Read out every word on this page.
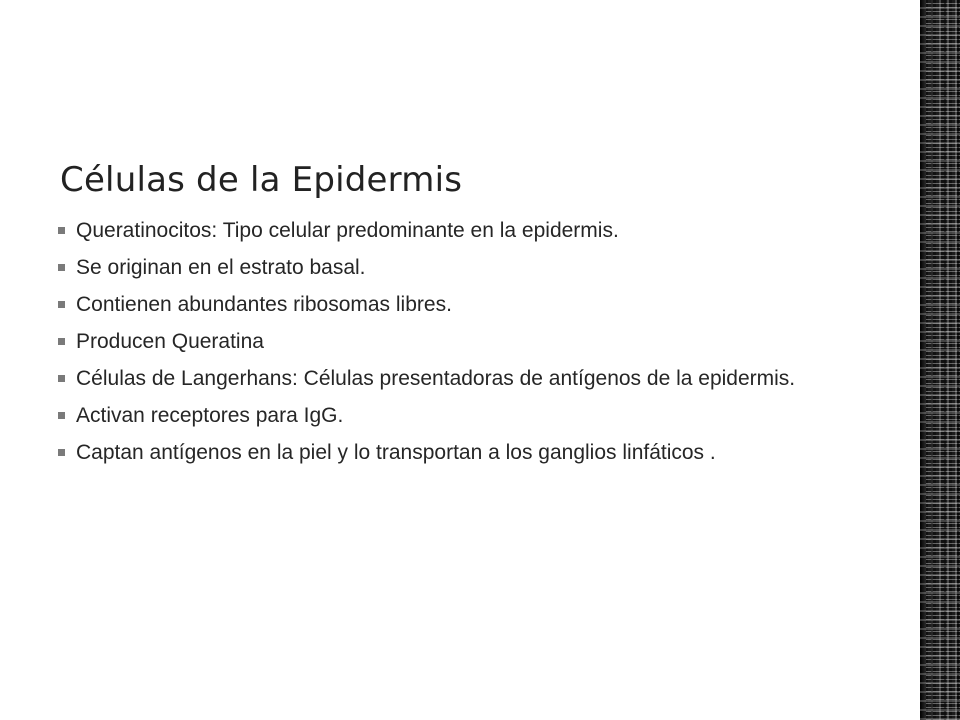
Células de la Epidermis
Queratinocitos: Tipo celular predominante en la epidermis.
Se originan en el estrato basal.
Contienen abundantes ribosomas libres.
Producen Queratina
Células de Langerhans: Células presentadoras de antígenos de la epidermis.
Activan receptores para IgG.
Captan antígenos en la piel y lo transportan a los ganglios linfáticos .
